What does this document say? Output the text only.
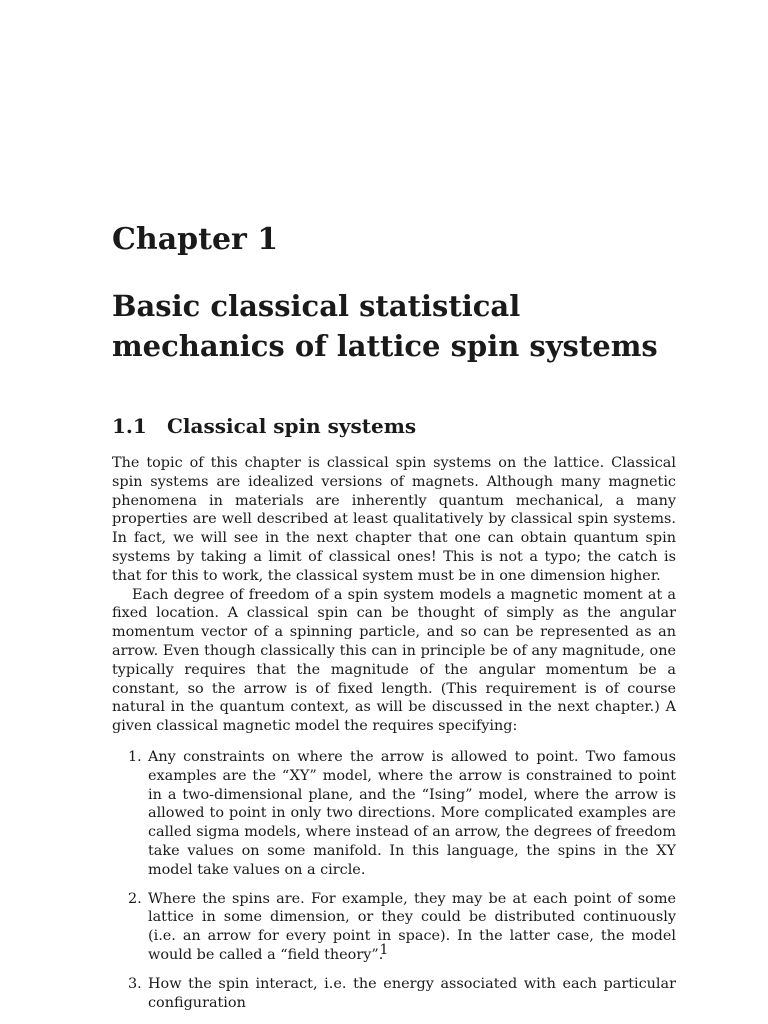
Chapter 1
Basic classical statistical mechanics of lattice spin systems
1.1 Classical spin systems

The topic of this chapter is classical spin systems on the lattice. Classical spin systems are idealized versions of magnets. Although many magnetic phenomena in materials are inherently quantum mechanical, a many properties are well described at least qualitatively by classical spin systems. In fact, we will see in the next chapter that one can obtain quantum spin systems by taking a limit of classical ones! This is not a typo; the catch is that for this to work, the classical system must be in one dimension higher.

Each degree of freedom of a spin system models a magnetic moment at a fixed location. A classical spin can be thought of simply as the angular momentum vector of a spinning particle, and so can be represented as an arrow. Even though classically this can in principle be of any magnitude, one typically requires that the magnitude of the angular momentum be a constant, so the arrow is of fixed length. (This requirement is of course natural in the quantum context, as will be discussed in the next chapter.) A given classical magnetic model the requires specifying:

1. Any constraints on where the arrow is allowed to point. Two famous examples are the “XY” model, where the arrow is constrained to point in a two-dimensional plane, and the “Ising” model, where the arrow is allowed to point in only two directions. More complicated examples are called sigma models, where instead of an arrow, the degrees of freedom take values on some manifold. In this language, the spins in the XY model take values on a circle.
2. Where the spins are. For example, they may be at each point of some lattice in some dimension, or they could be distributed continuously (i.e. an arrow for every point in space). In the latter case, the model would be called a “field theory”.
3. How the spin interact, i.e. the energy associated with each particular configuration
1
